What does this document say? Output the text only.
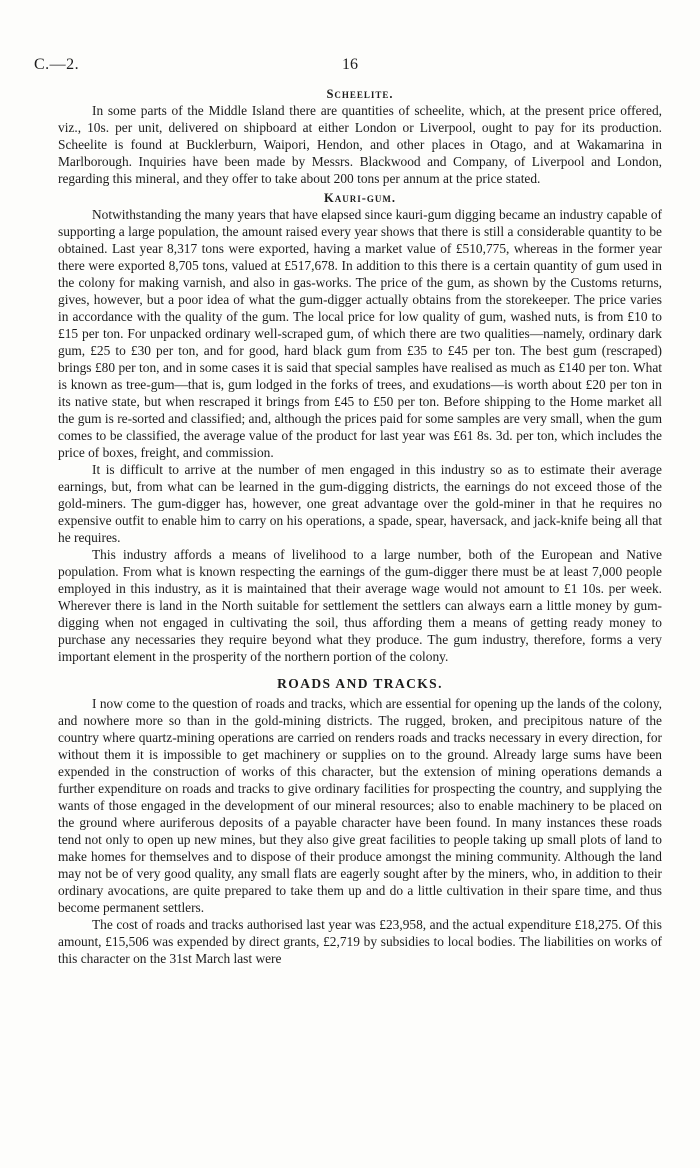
C.—2.	16
Scheelite.

In some parts of the Middle Island there are quantities of scheelite, which, at the present price offered, viz., 10s. per unit, delivered on shipboard at either London or Liverpool, ought to pay for its production. Scheelite is found at Bucklerburn, Waipori, Hendon, and other places in Otago, and at Wakamarina in Marlborough. Inquiries have been made by Messrs. Blackwood and Company, of Liverpool and London, regarding this mineral, and they offer to take about 200 tons per annum at the price stated.

Kauri-gum.

Notwithstanding the many years that have elapsed since kauri-gum digging became an industry capable of supporting a large population, the amount raised every year shows that there is still a considerable quantity to be obtained. Last year 8,317 tons were exported, having a market value of £510,775, whereas in the former year there were exported 8,705 tons, valued at £517,678. In addition to this there is a certain quantity of gum used in the colony for making varnish, and also in gas-works. The price of the gum, as shown by the Customs returns, gives, however, but a poor idea of what the gum-digger actually obtains from the storekeeper. The price varies in accordance with the quality of the gum. The local price for low quality of gum, washed nuts, is from £10 to £15 per ton. For unpacked ordinary well-scraped gum, of which there are two qualities—namely, ordinary dark gum, £25 to £30 per ton, and for good, hard black gum from £35 to £45 per ton. The best gum (rescraped) brings £80 per ton, and in some cases it is said that special samples have realised as much as £140 per ton. What is known as tree-gum—that is, gum lodged in the forks of trees, and exudations—is worth about £20 per ton in its native state, but when rescraped it brings from £45 to £50 per ton. Before shipping to the Home market all the gum is re-sorted and classified; and, although the prices paid for some samples are very small, when the gum comes to be classified, the average value of the product for last year was £61 8s. 3d. per ton, which includes the price of boxes, freight, and commission.

It is difficult to arrive at the number of men engaged in this industry so as to estimate their average earnings, but, from what can be learned in the gum-digging districts, the earnings do not exceed those of the gold-miners. The gum-digger has, however, one great advantage over the gold-miner in that he requires no expensive outfit to enable him to carry on his operations, a spade, spear, haversack, and jack-knife being all that he requires.

This industry affords a means of livelihood to a large number, both of the European and Native population. From what is known respecting the earnings of the gum-digger there must be at least 7,000 people employed in this industry, as it is maintained that their average wage would not amount to £1 10s. per week. Wherever there is land in the North suitable for settlement the settlers can always earn a little money by gum-digging when not engaged in cultivating the soil, thus affording them a means of getting ready money to purchase any necessaries they require beyond what they produce. The gum industry, therefore, forms a very important element in the prosperity of the northern portion of the colony.

ROADS AND TRACKS.

I now come to the question of roads and tracks, which are essential for opening up the lands of the colony, and nowhere more so than in the gold-mining districts. The rugged, broken, and precipitous nature of the country where quartz-mining operations are carried on renders roads and tracks necessary in every direction, for without them it is impossible to get machinery or supplies on to the ground. Already large sums have been expended in the construction of works of this character, but the extension of mining operations demands a further expenditure on roads and tracks to give ordinary facilities for prospecting the country, and supplying the wants of those engaged in the development of our mineral resources; also to enable machinery to be placed on the ground where auriferous deposits of a payable character have been found. In many instances these roads tend not only to open up new mines, but they also give great facilities to people taking up small plots of land to make homes for themselves and to dispose of their produce amongst the mining community. Although the land may not be of very good quality, any small flats are eagerly sought after by the miners, who, in addition to their ordinary avocations, are quite prepared to take them up and do a little cultivation in their spare time, and thus become permanent settlers.

The cost of roads and tracks authorised last year was £23,958, and the actual expenditure £18,275. Of this amount, £15,506 was expended by direct grants, £2,719 by subsidies to local bodies. The liabilities on works of this character on the 31st March last were
